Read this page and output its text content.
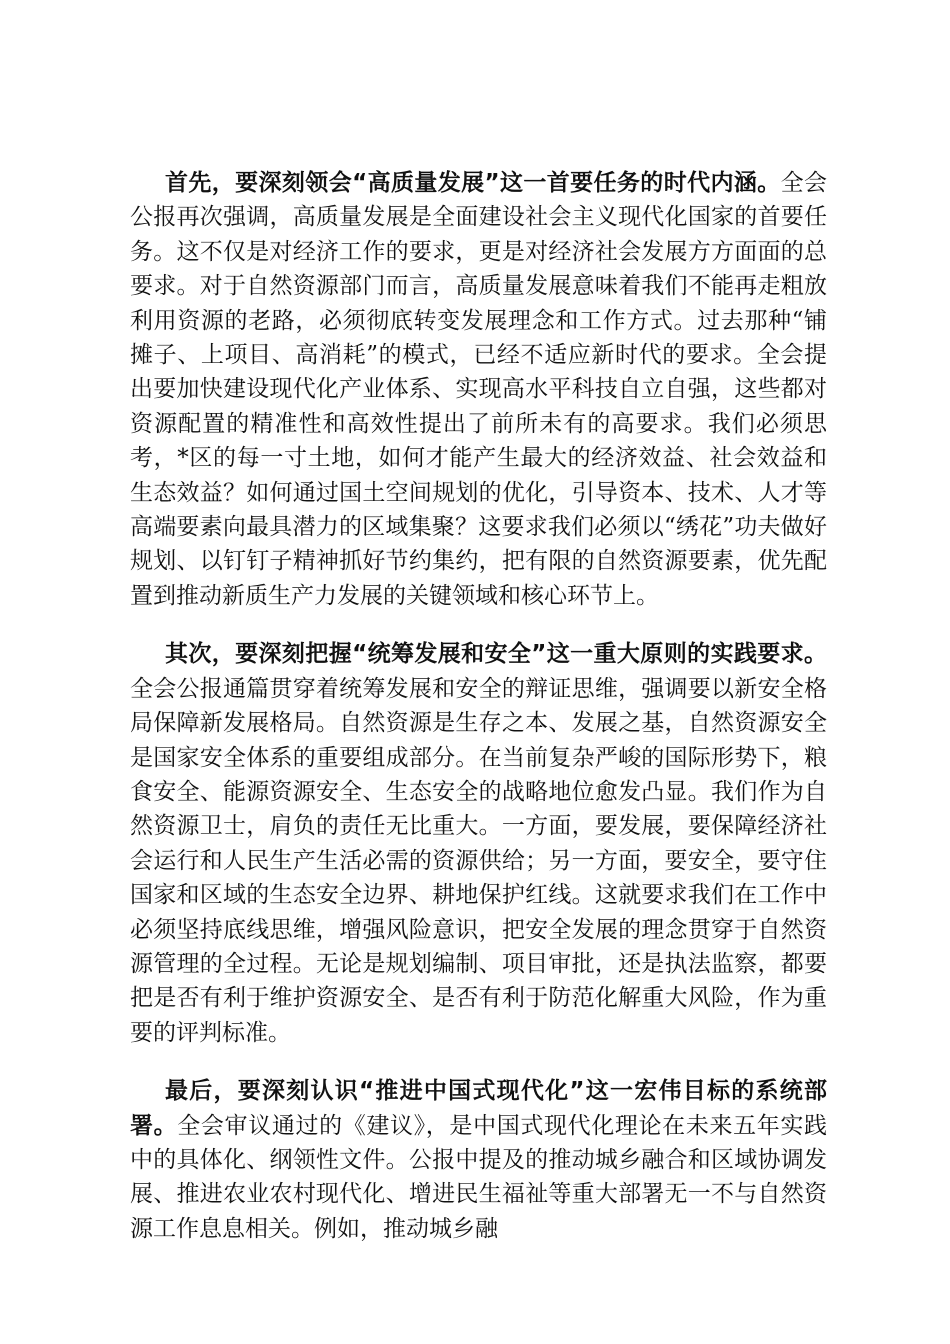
首先，要深刻领会“高质量发展”这一首要任务的时代内涵。全会公报再次强调，高质量发展是全面建设社会主义现代化国家的首要任务。这不仅是对经济工作的要求，更是对经济社会发展方方面面的总要求。对于自然资源部门而言，高质量发展意味着我们不能再走粗放利用资源的老路，必须彻底转变发展理念和工作方式。过去那种“铺摊子、上项目、高消耗”的模式，已经不适应新时代的要求。全会提出要加快建设现代化产业体系、实现高水平科技自立自强，这些都对资源配置的精准性和高效性提出了前所未有的高要求。我们必须思考，*区的每一寸土地，如何才能产生最大的经济效益、社会效益和生态效益？如何通过国土空间规划的优化，引导资本、技术、人才等高端要素向最具潜力的区域集聚？这要求我们必须以“绣花”功夫做好规划、以钉钉子精神抓好节约集约，把有限的自然资源要素，优先配置到推动新质生产力发展的关键领域和核心环节上。

其次，要深刻把握“统筹发展和安全”这一重大原则的实践要求。全会公报通篇贯穿着统筹发展和安全的辩证思维，强调要以新安全格局保障新发展格局。自然资源是生存之本、发展之基，自然资源安全是国家安全体系的重要组成部分。在当前复杂严峻的国际形势下，粮食安全、能源资源安全、生态安全的战略地位愈发凸显。我们作为自然资源卫士，肩负的责任无比重大。一方面，要发展，要保障经济社会运行和人民生产生活必需的资源供给；另一方面，要安全，要守住国家和区域的生态安全边界、耕地保护红线。这就要求我们在工作中必须坚持底线思维，增强风险意识，把安全发展的理念贯穿于自然资源管理的全过程。无论是规划编制、项目审批，还是执法监察，都要把是否有利于维护资源安全、是否有利于防范化解重大风险，作为重要的评判标准。

最后，要深刻认识“推进中国式现代化”这一宏伟目标的系统部署。全会审议通过的《建议》，是中国式现代化理论在未来五年实践中的具体化、纲领性文件。公报中提及的推动城乡融合和区域协调发展、推进农业农村现代化、增进民生福祉等重大部署无一不与自然资源工作息息相关。例如，推动城乡融
